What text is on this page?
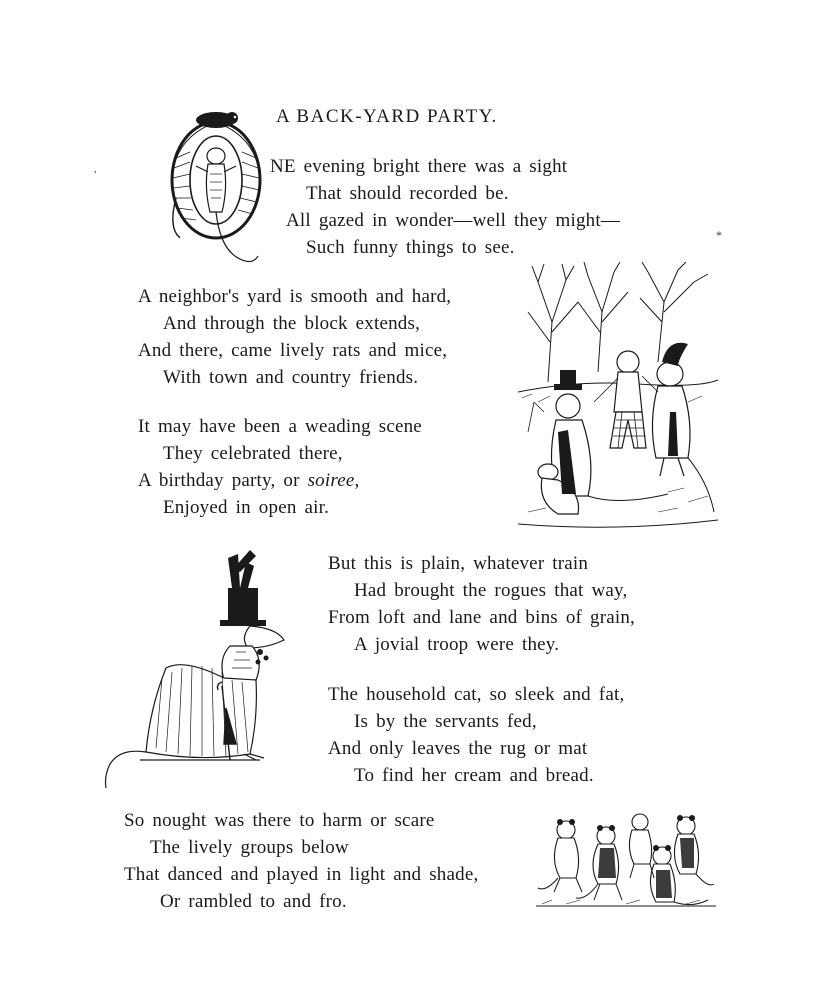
A BACK-YARD PARTY.
NE evening bright there was a sight
That should recorded be.
All gazed in wonder—well they might—
Such funny things to see.
*
A neighbor's yard is smooth and hard,
And through the block extends,
And there, came lively rats and mice,
With town and country friends.
It may have been a weading scene
They celebrated there,
A birthday party, or soiree,
Enjoyed in open air.
But this is plain, whatever train
Had brought the rogues that way,
From loft and lane and bins of grain,
A jovial troop were they.
The household cat, so sleek and fat,
Is by the servants fed,
And only leaves the rug or mat
To find her cream and bread.
So nought was there to harm or scare
The lively groups below
That danced and played in light and shade,
Or rambled to and fro.
,
